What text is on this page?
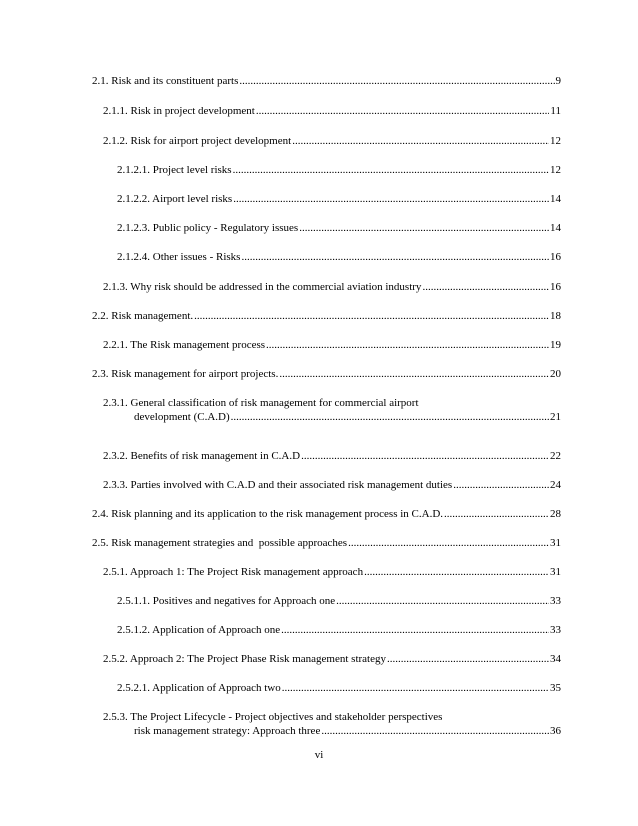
2.1. Risk and its constituent parts .....	9
2.1.1. Risk in project development .....	11
2.1.2. Risk for airport project development .....	12
2.1.2.1. Project level risks .....	12
2.1.2.2. Airport level risks .....	14
2.1.2.3. Public policy - Regulatory issues .....	14
2.1.2.4. Other issues - Risks .....	16
2.1.3. Why risk should be addressed in the commercial aviation industry .....	16
2.2. Risk management. .....	18
2.2.1. The Risk management process .....	19
2.3. Risk management for airport projects. .....	20
2.3.1. General classification of risk management for commercial airport
development (C.A.D) .....	21
2.3.2. Benefits of risk management in C.A.D .....	22
2.3.3. Parties involved with C.A.D and their associated risk management duties .....	24
2.4. Risk planning and its application to the risk management process in C.A.D. .....	28
2.5. Risk management strategies and  possible approaches .....	31
2.5.1. Approach 1: The Project Risk management approach .....	31
2.5.1.1. Positives and negatives for Approach one .....	33
2.5.1.2. Application of Approach one .....	33
2.5.2. Approach 2: The Project Phase Risk management strategy .....	34
2.5.2.1. Application of Approach two .....	35
2.5.3. The Project Lifecycle - Project objectives and stakeholder perspectives
risk management strategy: Approach three .....	36
vi
